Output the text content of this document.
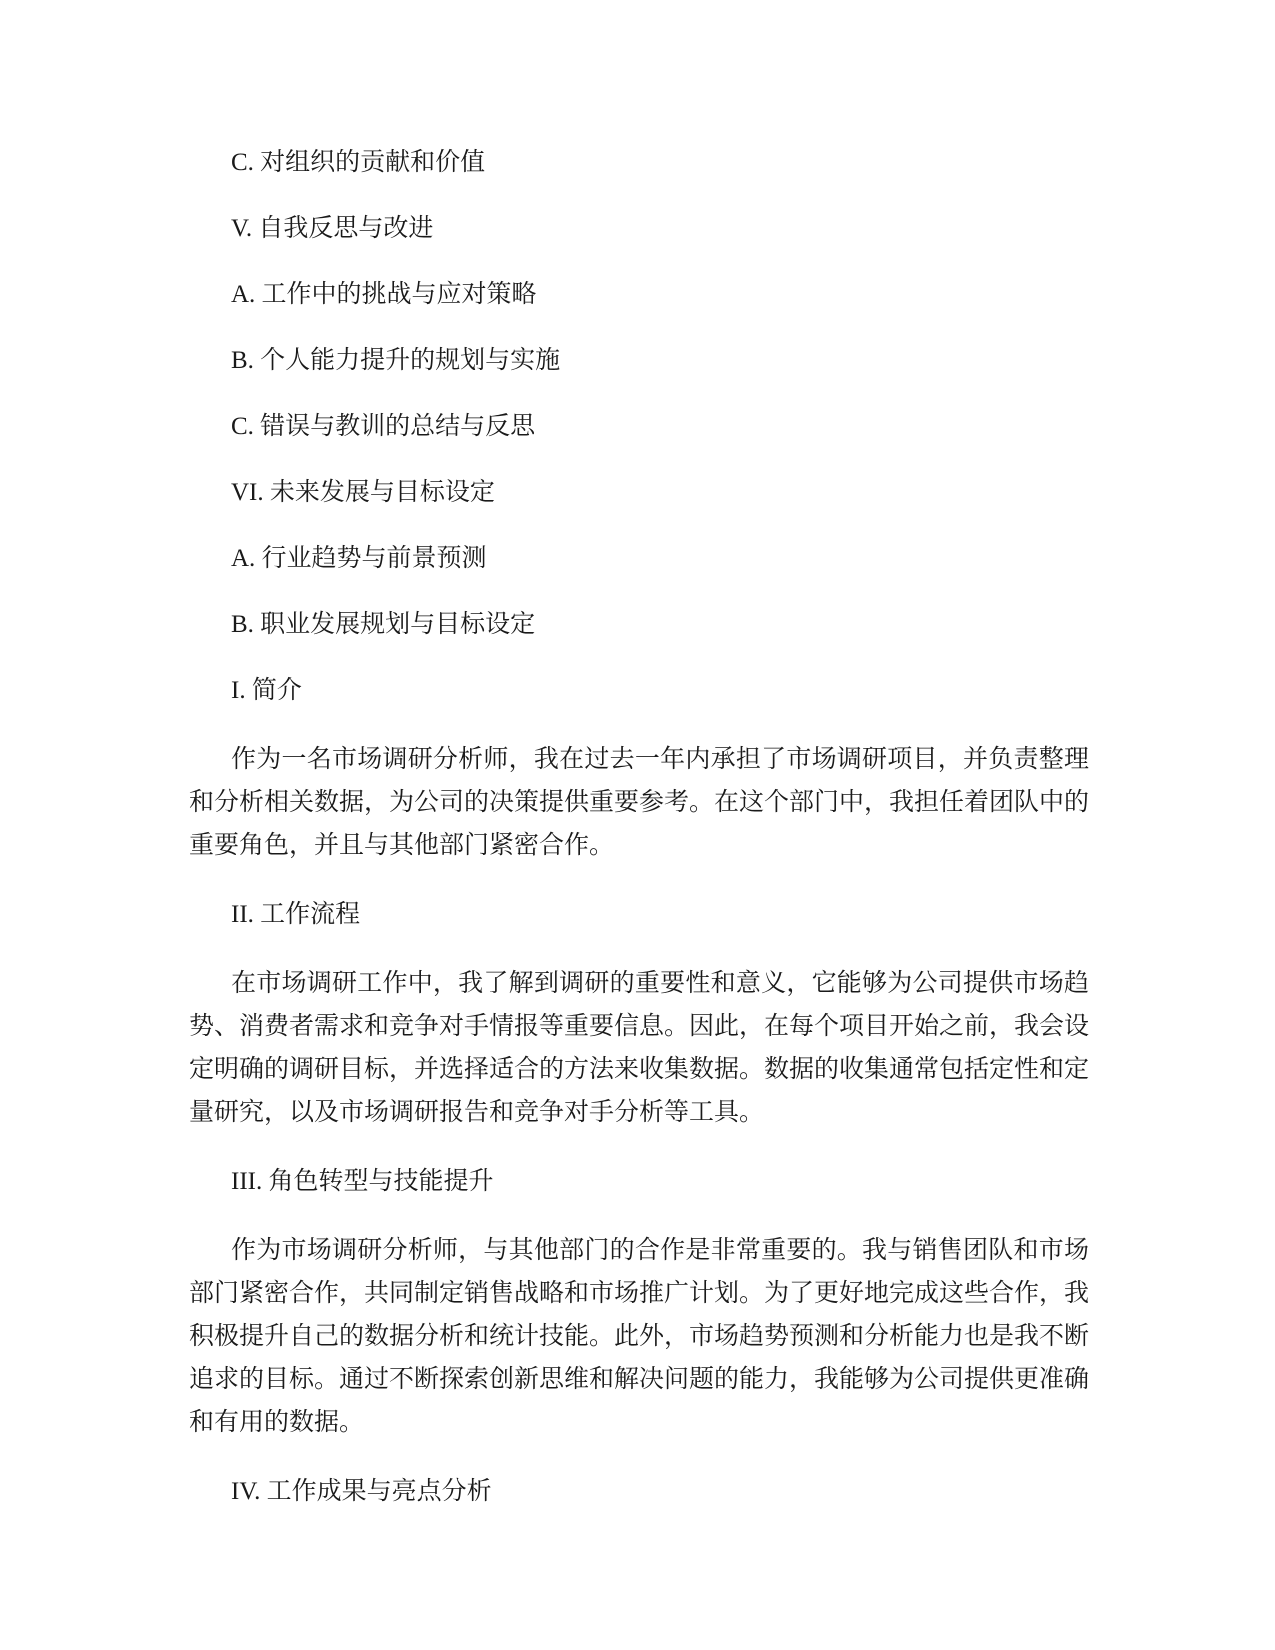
C. 对组织的贡献和价值
V. 自我反思与改进
A. 工作中的挑战与应对策略
B. 个人能力提升的规划与实施
C. 错误与教训的总结与反思
VI. 未来发展与目标设定
A. 行业趋势与前景预测
B. 职业发展规划与目标设定
I. 简介

作为一名市场调研分析师，我在过去一年内承担了市场调研项目，并负责整理和分析相关数据，为公司的决策提供重要参考。在这个部门中，我担任着团队中的重要角色，并且与其他部门紧密合作。

II. 工作流程

在市场调研工作中，我了解到调研的重要性和意义，它能够为公司提供市场趋势、消费者需求和竞争对手情报等重要信息。因此，在每个项目开始之前，我会设定明确的调研目标，并选择适合的方法来收集数据。数据的收集通常包括定性和定量研究，以及市场调研报告和竞争对手分析等工具。

III. 角色转型与技能提升

作为市场调研分析师，与其他部门的合作是非常重要的。我与销售团队和市场部门紧密合作，共同制定销售战略和市场推广计划。为了更好地完成这些合作，我积极提升自己的数据分析和统计技能。此外，市场趋势预测和分析能力也是我不断追求的目标。通过不断探索创新思维和解决问题的能力，我能够为公司提供更准确和有用的数据。

IV. 工作成果与亮点分析
